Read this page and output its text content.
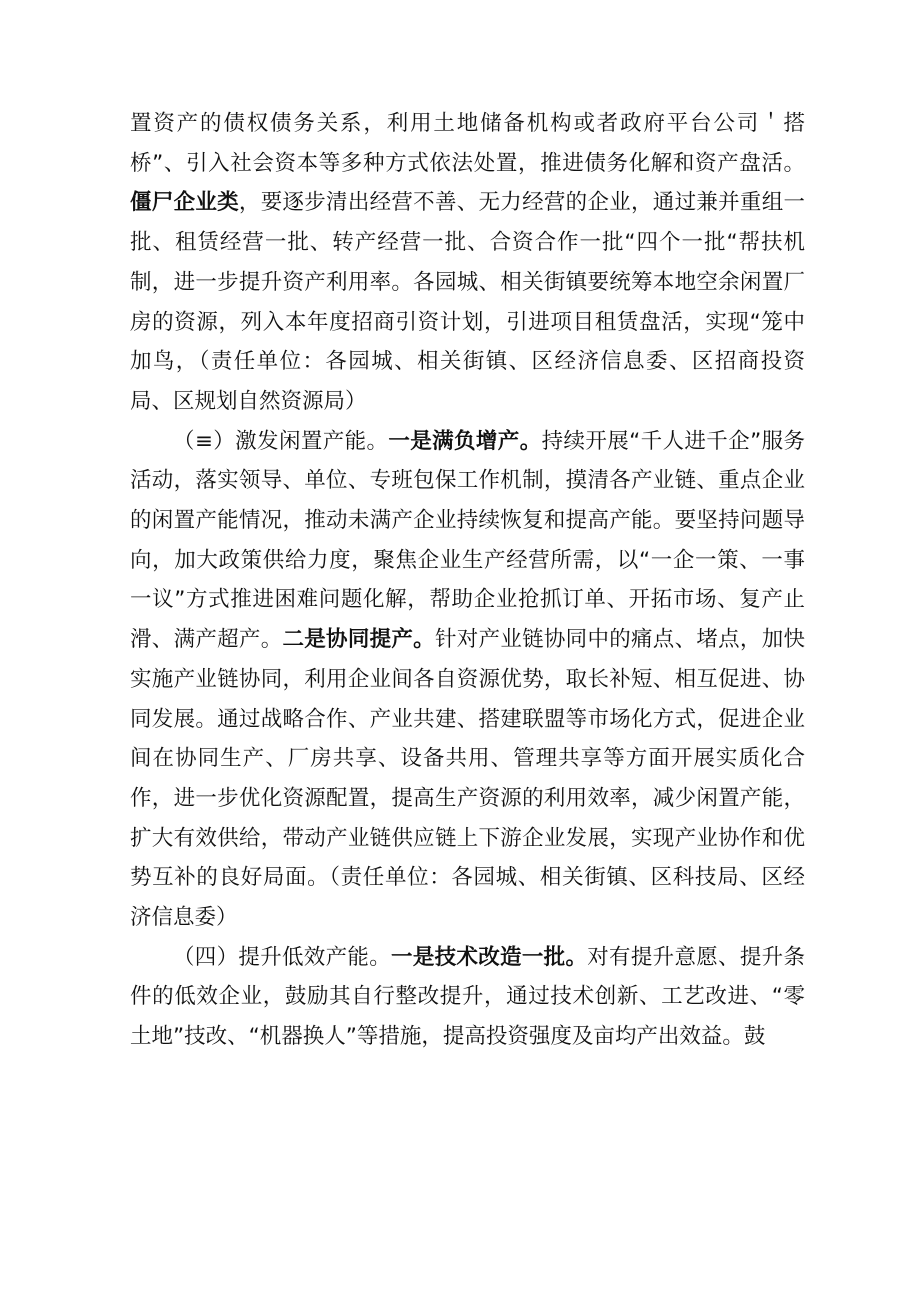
置资产的债权债务关系，利用土地储备机构或者政府平台公司＇搭桥”、引入社会资本等多种方式依法处置，推进债务化解和资产盘活。僵尸企业类，要逐步清出经营不善、无力经营的企业，通过兼并重组一批、租赁经营一批、转产经营一批、合资合作一批“四个一批“帮扶机制，进一步提升资产利用率。各园城、相关街镇要统筹本地空余闲置厂房的资源，列入本年度招商引资计划，引进项目租赁盘活，实现“笼中加鸟，（责任单位：各园城、相关街镇、区经济信息委、区招商投资局、区规划自然资源局）

（≡）激发闲置产能。一是满负增产。持续开展“千人进千企”服务活动，落实领导、单位、专班包保工作机制，摸清各产业链、重点企业的闲置产能情况，推动未满产企业持续恢复和提高产能。要坚持问题导向，加大政策供给力度，聚焦企业生产经营所需，以“一企一策、一事一议”方式推进困难问题化解，帮助企业抢抓订单、开拓市场、复产止滑、满产超产。二是协同提产。针对产业链协同中的痛点、堵点，加快实施产业链协同，利用企业间各自资源优势，取长补短、相互促进、协同发展。通过战略合作、产业共建、搭建联盟等市场化方式，促进企业间在协同生产、厂房共享、设备共用、管理共享等方面开展实质化合作，进一步优化资源配置，提高生产资源的利用效率，减少闲置产能，扩大有效供给，带动产业链供应链上下游企业发展，实现产业协作和优势互补的良好局面。（责任单位：各园城、相关街镇、区科技局、区经济信息委）

（四）提升低效产能。一是技术改造一批。对有提升意愿、提升条件的低效企业，鼓励其自行整改提升，通过技术创新、工艺改进、“零土地”技改、“机器换人”等措施，提高投资强度及亩均产出效益。鼓
